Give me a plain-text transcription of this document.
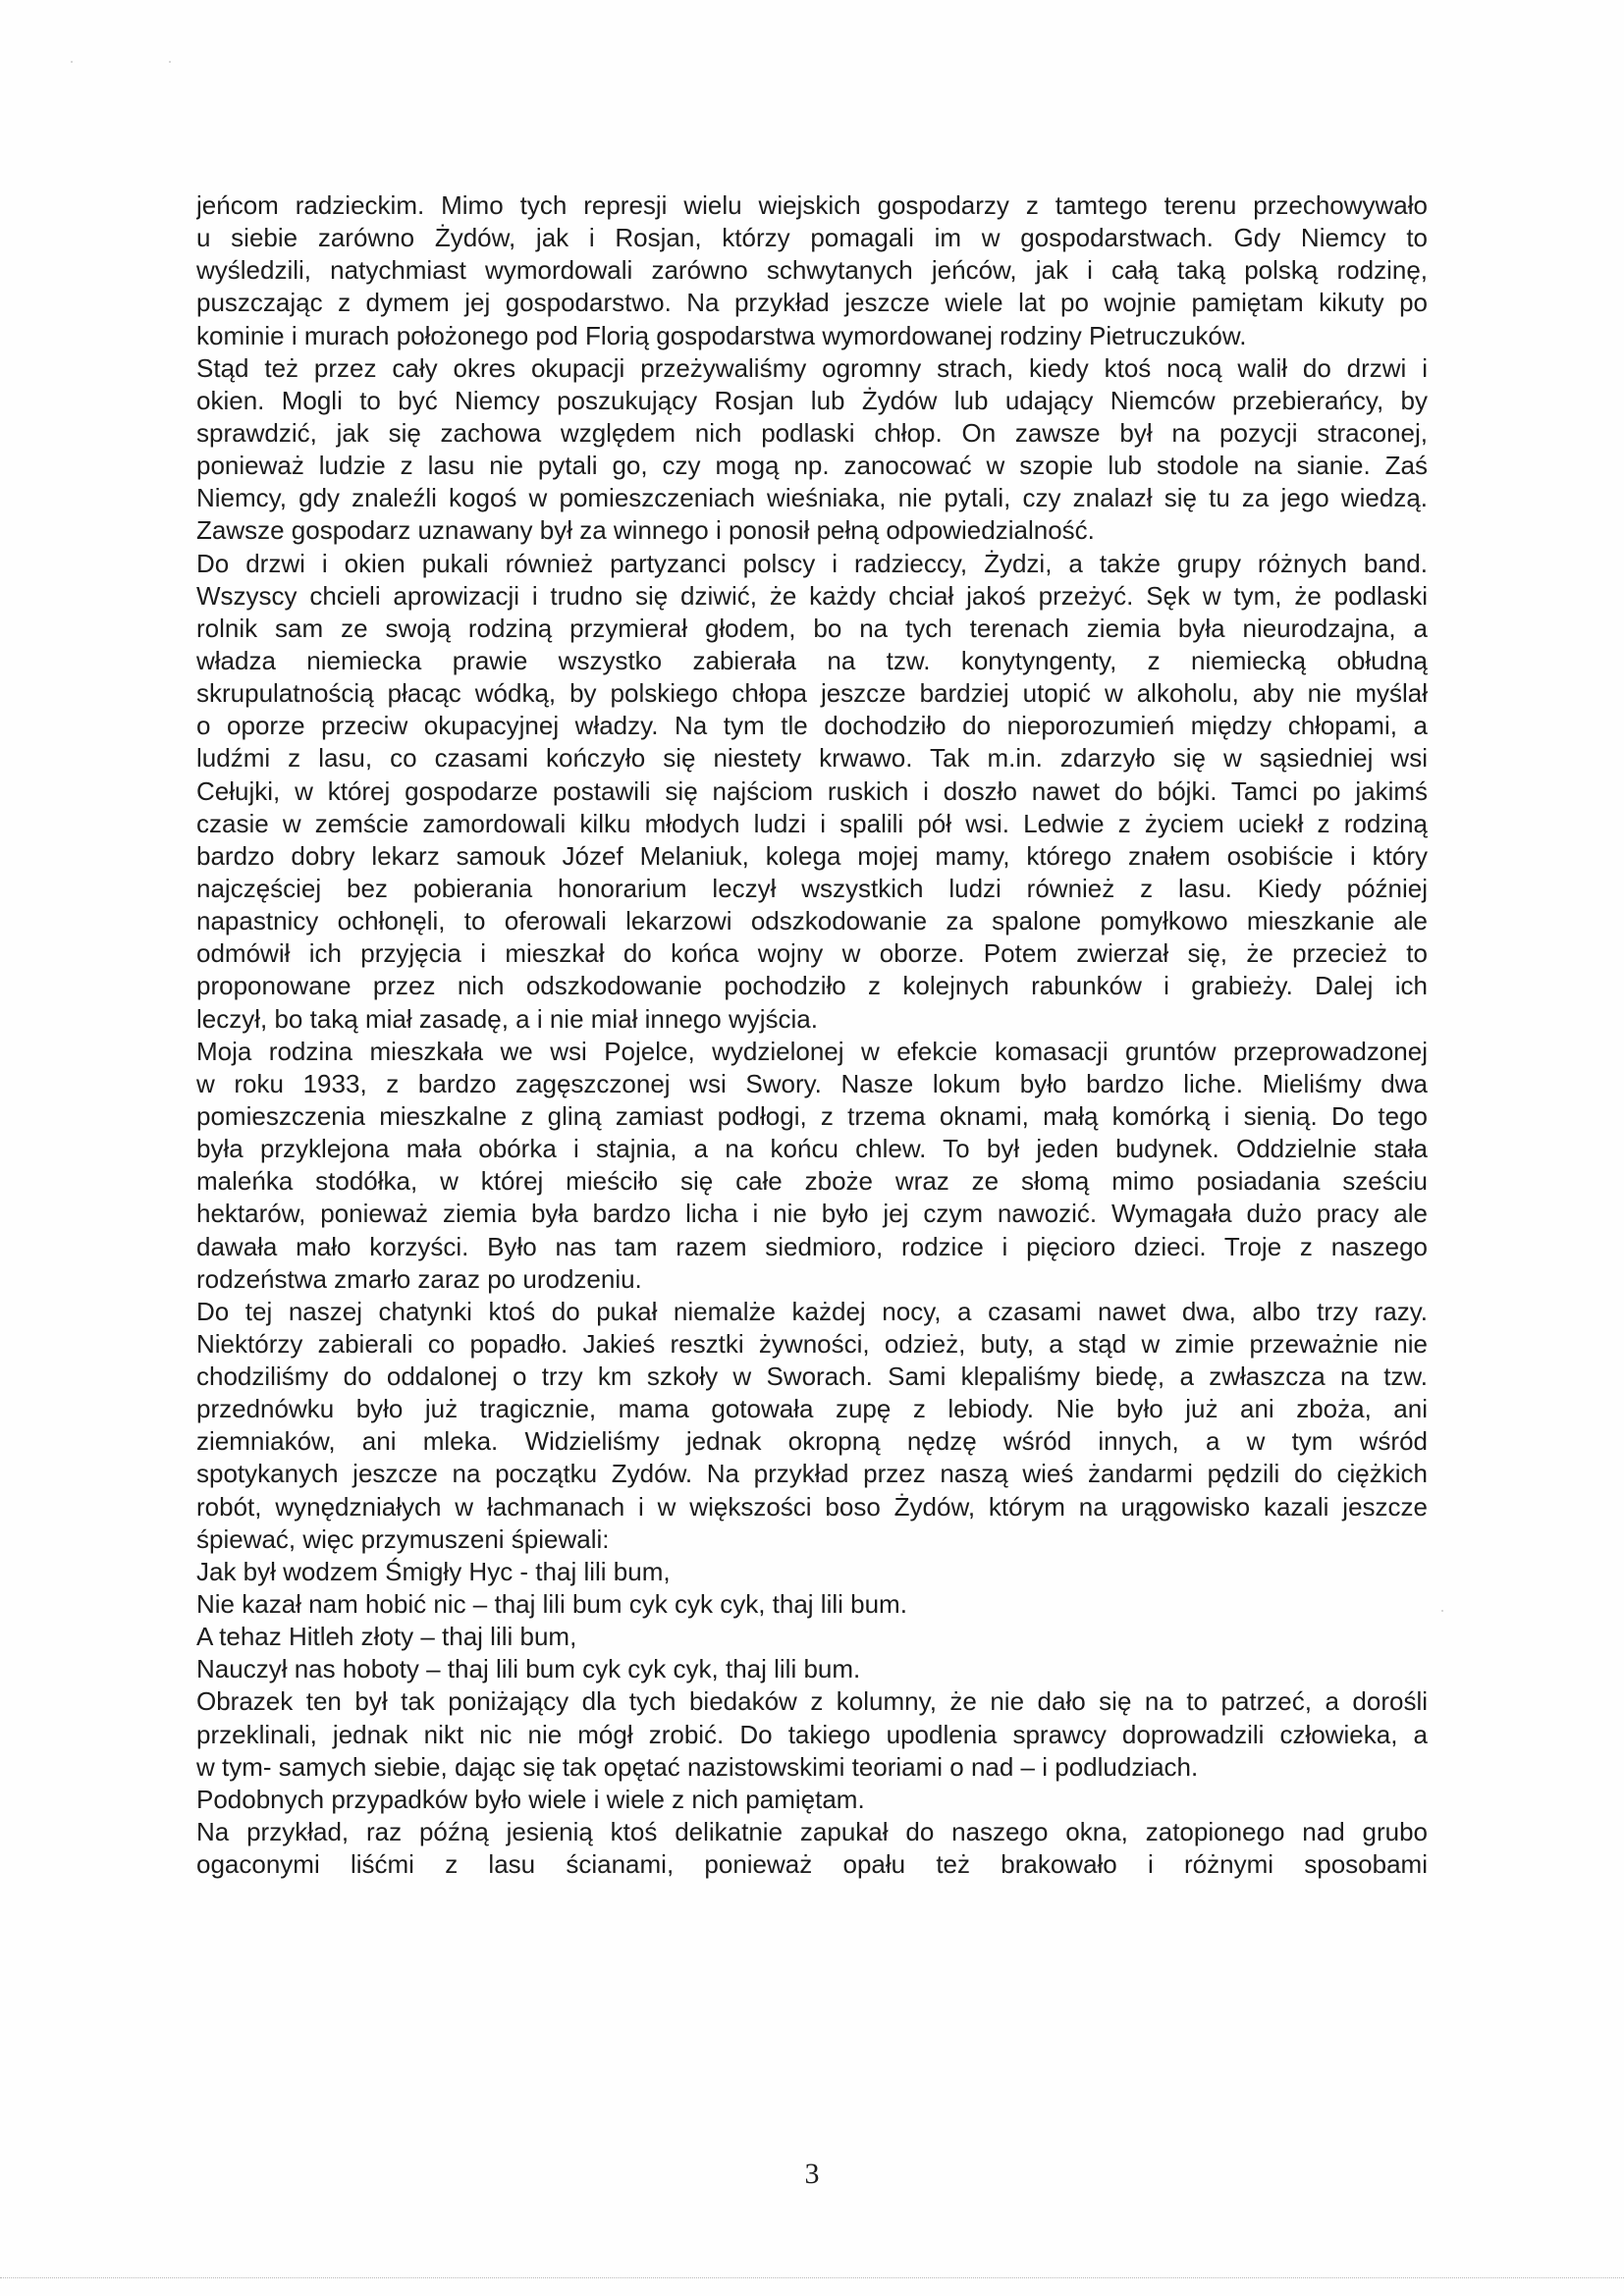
jeńcom radzieckim. Mimo tych represji wielu wiejskich gospodarzy z tamtego terenu przechowywało
u siebie zarówno Żydów, jak i Rosjan, którzy pomagali im w gospodarstwach. Gdy Niemcy to
wyśledzili, natychmiast wymordowali zarówno schwytanych jeńców, jak i całą taką polską rodzinę,
puszczając z dymem jej gospodarstwo. Na przykład jeszcze wiele lat po wojnie pamiętam kikuty po
kominie i murach położonego pod Florią gospodarstwa wymordowanej rodziny Pietruczuków.
Stąd też przez cały okres okupacji przeżywaliśmy ogromny strach, kiedy ktoś nocą walił do drzwi i
okien. Mogli to być Niemcy poszukujący Rosjan lub Żydów lub udający Niemców przebierańcy, by
sprawdzić, jak się zachowa względem nich podlaski chłop. On zawsze był na pozycji straconej,
ponieważ ludzie z lasu nie pytali go, czy mogą np. zanocować w szopie lub stodole na sianie. Zaś
Niemcy, gdy znaleźli kogoś w pomieszczeniach wieśniaka, nie pytali, czy znalazł się tu za jego wiedzą.
Zawsze gospodarz uznawany był za winnego i ponosił pełną odpowiedzialność.
Do drzwi i okien pukali również partyzanci polscy i radzieccy, Żydzi, a także grupy różnych band.
Wszyscy chcieli aprowizacji i trudno się dziwić, że każdy chciał jakoś przeżyć. Sęk w tym, że podlaski
rolnik sam ze swoją rodziną przymierał głodem, bo na tych terenach ziemia była nieurodzajna, a
władza niemiecka prawie wszystko zabierała na tzw. konytyngenty, z niemiecką obłudną
skrupulatnością płacąc wódką, by polskiego chłopa jeszcze bardziej utopić w alkoholu, aby nie myślał
o oporze przeciw okupacyjnej władzy. Na tym tle dochodziło do nieporozumień między chłopami, a
ludźmi z lasu, co czasami kończyło się niestety krwawo. Tak m.in. zdarzyło się w sąsiedniej wsi
Cełujki, w której gospodarze postawili się najściom ruskich i doszło nawet do bójki. Tamci po jakimś
czasie w zemście zamordowali kilku młodych ludzi i spalili pół wsi. Ledwie z życiem uciekł z rodziną
bardzo dobry lekarz samouk Józef Melaniuk, kolega mojej mamy, którego znałem osobiście i który
najczęściej bez pobierania honorarium leczył wszystkich ludzi również z lasu. Kiedy później
napastnicy ochłonęli, to oferowali lekarzowi odszkodowanie za spalone pomyłkowo mieszkanie ale
odmówił ich przyjęcia i mieszkał do końca wojny w oborze. Potem zwierzał się, że przecież to
proponowane przez nich odszkodowanie pochodziło z kolejnych rabunków i grabieży. Dalej ich
leczył, bo taką miał zasadę, a i nie miał innego wyjścia.
Moja rodzina mieszkała we wsi Pojelce, wydzielonej w efekcie komasacji gruntów przeprowadzonej
w roku 1933, z bardzo zagęszczonej wsi Swory. Nasze lokum było bardzo liche. Mieliśmy dwa
pomieszczenia mieszkalne z gliną zamiast podłogi, z trzema oknami, małą komórką i sienią. Do tego
była przyklejona mała obórka i stajnia, a na końcu chlew. To był jeden budynek. Oddzielnie stała
maleńka stodółka, w której mieściło się całe zboże wraz ze słomą mimo posiadania sześciu
hektarów, ponieważ ziemia była bardzo licha i nie było jej czym nawozić. Wymagała dużo pracy ale
dawała mało korzyści. Było nas tam razem siedmioro, rodzice i pięcioro dzieci. Troje z naszego
rodzeństwa zmarło zaraz po urodzeniu.
Do tej naszej chatynki ktoś do pukał niemalże każdej nocy, a czasami nawet dwa, albo trzy razy.
Niektórzy zabierali co popadło. Jakieś resztki żywności, odzież, buty, a stąd w zimie przeważnie nie
chodziliśmy do oddalonej o trzy km szkoły w Sworach. Sami klepaliśmy biedę, a zwłaszcza na tzw.
przednówku było już tragicznie, mama gotowała zupę z lebiody. Nie było już ani zboża, ani
ziemniaków, ani mleka. Widzieliśmy jednak okropną nędzę wśród innych, a w tym wśród
spotykanych jeszcze na początku Zydów. Na przykład przez naszą wieś żandarmi pędzili do ciężkich
robót, wynędzniałych w łachmanach i w większości boso Żydów, którym na urągowisko kazali jeszcze
śpiewać, więc przymuszeni śpiewali:
Jak był wodzem Śmigły Hyc - thaj lili bum,
Nie kazał nam hobić nic – thaj lili bum cyk cyk cyk, thaj lili bum.
A tehaz Hitleh złoty – thaj lili bum,
Nauczył nas hoboty – thaj lili bum cyk cyk cyk, thaj lili bum.
Obrazek ten był tak poniżający dla tych biedaków z kolumny, że nie dało się na to patrzeć, a dorośli
przeklinali, jednak nikt nic nie mógł zrobić. Do takiego upodlenia sprawcy doprowadzili człowieka, a
w tym- samych siebie, dając się tak opętać nazistowskimi teoriami o nad – i podludziach.
Podobnych przypadków było wiele i wiele z nich pamiętam.
Na przykład, raz późną jesienią ktoś delikatnie zapukał do naszego okna, zatopionego nad grubo
ogaconymi liśćmi z lasu ścianami, ponieważ opału też brakowało i różnymi sposobami
3
